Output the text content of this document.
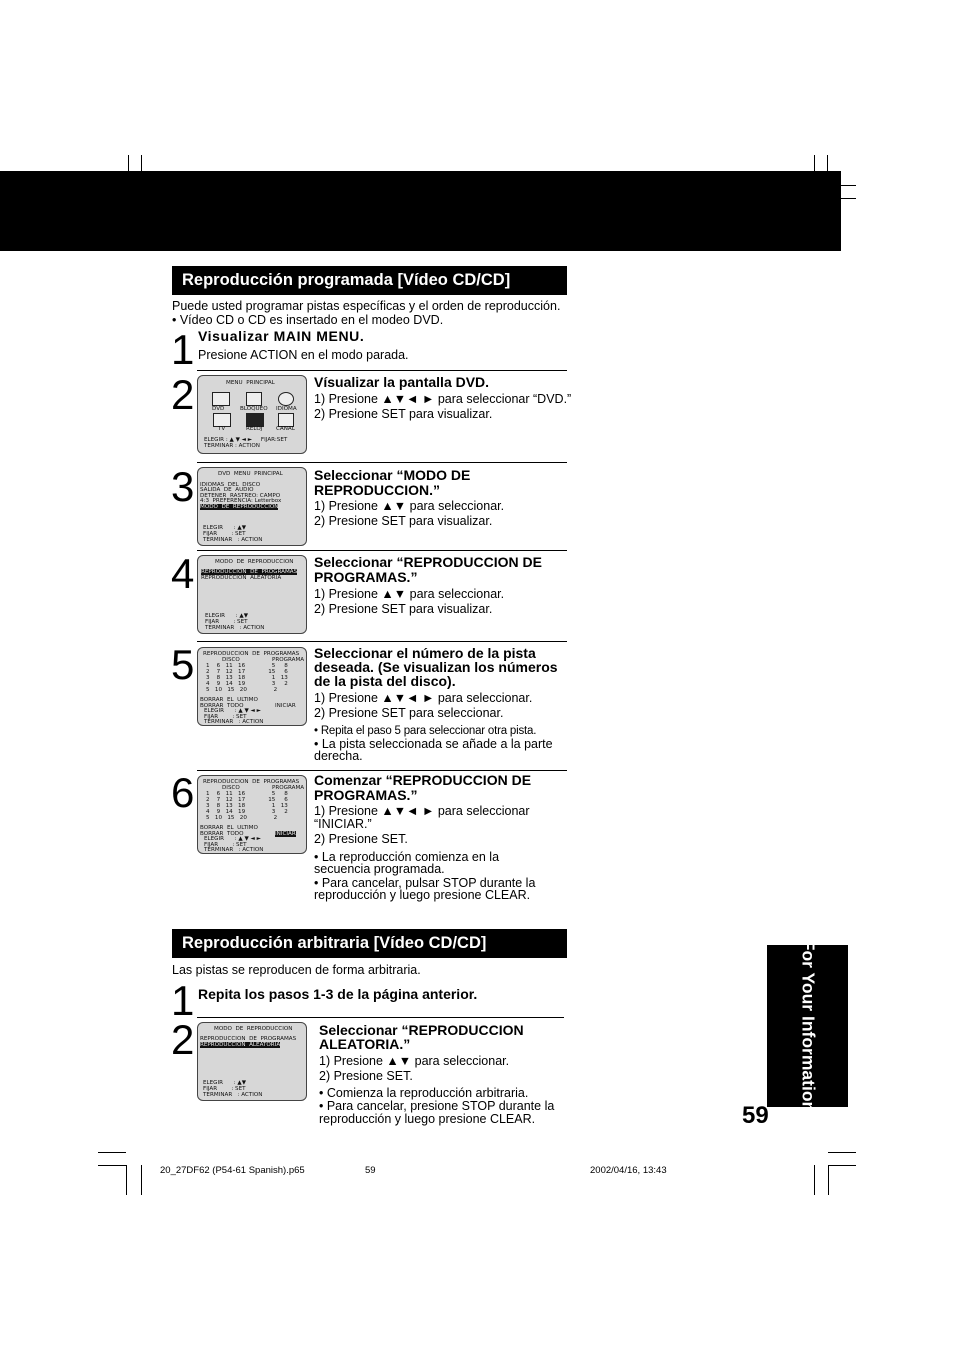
Reproducción programada [Vídeo CD/CD]
Puede usted programar pistas específicas y el orden de reproducción.
• Vídeo CD o CD es insertado en el modeo DVD.
1 Visualizar MAIN MENU.
Presione ACTION en el modo parada.
2	MENU  PRINCIPAL
DVD	BLOQUEO IDIOMA
TV	RELOJ CANAL
ELEGIR : ▲ ▼ ◄ ►     FIJAR:SET
TERMINAR : ACTION
Vísualizar la pantalla DVD.
1) Presione ▲▼◄ ► para seleccionar “DVD.”
2) Presione SET para visualizar.
3	DVD  MENU  PRINCIPAL
IDIOMAS  DEL  DISCO
SALIDA  DE  AUDIO
DETENER  RASTREO: CAMPO
4:3  PREFERENCIA: Letterbox
MODO  DE  REPRODUCCION
ELEGIR      : ▲▼
FIJAR        : SET
TERMINAR   : ACTION
Seleccionar “MODO DE
REPRODUCCION.”
1) Presione ▲▼ para seleccionar.
2) Presione SET para visualizar.
4	MODO  DE  REPRODUCCION
REPRODUCCION  DE  PROGRAMAS
REPRODUCCION  ALEATORIA
ELEGIR      : ▲▼
FIJAR        : SET
TERMINAR   : ACTION
Seleccionar “REPRODUCCION DE
PROGRAMAS.”
1) Presione ▲▼ para seleccionar.
2) Presione SET para visualizar.
5 REPRODUCCION  DE  PROGRAMAS
DISCO	PROGRAMA
1    6   11   16               5     8
2    7   12   17             15     6
3    8   13   18               1   13
4    9   14   19               3     2
5   10   15   20               2
BORRAR  EL  ULTIMO
BORRAR  TODO	INICIAR
ELEGIR      : ▲ ▼ ◄ ►
FIJAR        : SET
TERMINAR   : ACTION
Seleccionar el número de la pista
deseada. (Se visualizan los números
de la pista del disco).
1) Presione ▲▼◄ ► para seleccionar.
2) Presione SET para seleccionar.
• Repita el paso 5 para seleccionar otra pista.
• La pista seleccionada se añade a la parte
derecha.
6 REPRODUCCION  DE  PROGRAMAS
DISCO	PROGRAMA
1    6   11   16               5     8
2    7   12   17             15     6
3    8   13   18               1   13
4    9   14   19               3     2
5   10   15   20               2
BORRAR  EL  ULTIMO
BORRAR  TODO	INICIAR
ELEGIR      : ▲ ▼ ◄ ►
FIJAR        : SET
TERMINAR   : ACTION
Comenzar “REPRODUCCION DE
PROGRAMAS.”
1) Presione ▲▼◄ ► para seleccionar
“INICIAR.”
2) Presione SET.
• La reproducción comienza en la
secuencia programada.
• Para cancelar, pulsar STOP durante la
reproducción y luego presione CLEAR.
Reproducción arbitraria [Vídeo CD/CD]
Las pistas se reproducen de forma arbitraria.
1 Repita los pasos 1-3 de la página anterior.
2	MODO  DE  REPRODUCCION
REPRODUCCION  DE  PROGRAMAS
REPRODUCCION  ALEATORIA
ELEGIR      : ▲▼
FIJAR        : SET
TERMINAR   : ACTION
Seleccionar “REPRODUCCION
ALEATORIA.”
1) Presione ▲▼ para seleccionar.
2) Presione SET.
• Comienza la reproducción arbitraria.
• Para cancelar, presione STOP durante la
reproducción y luego presione CLEAR.
For Your Information
59
20_27DF62 (P54-61 Spanish).p65	59	2002/04/16, 13:43
